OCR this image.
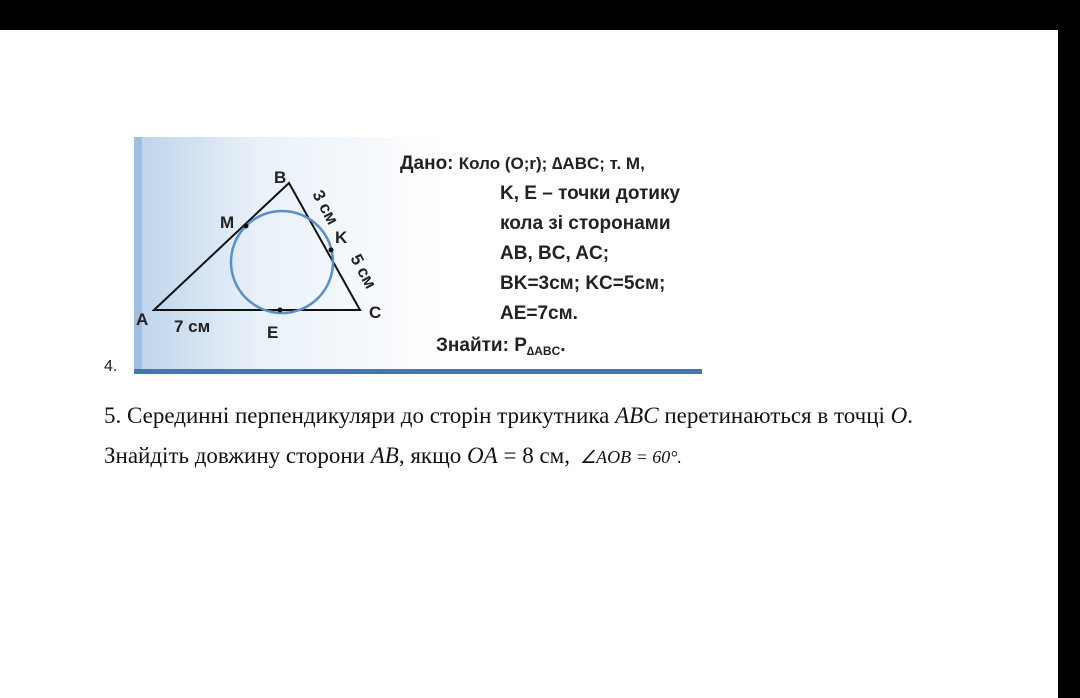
4.
A
B
C
M
K
E
7 см
3 см
5 см
Дано: Коло (O;r); ∆ABC; т. M,
K, E – точки дотику
кола зі сторонами
AB, BC, AC;
BK=3см; KC=5см;
AE=7см.
Знайти: $P_{\Delta ABC}$.
5. Серединні перпендикуляри до сторін трикутника ABC перетинаються в точці O. Знайдіть довжину сторони AB, якщо OA = 8 см, ∠AOB = 60°.
